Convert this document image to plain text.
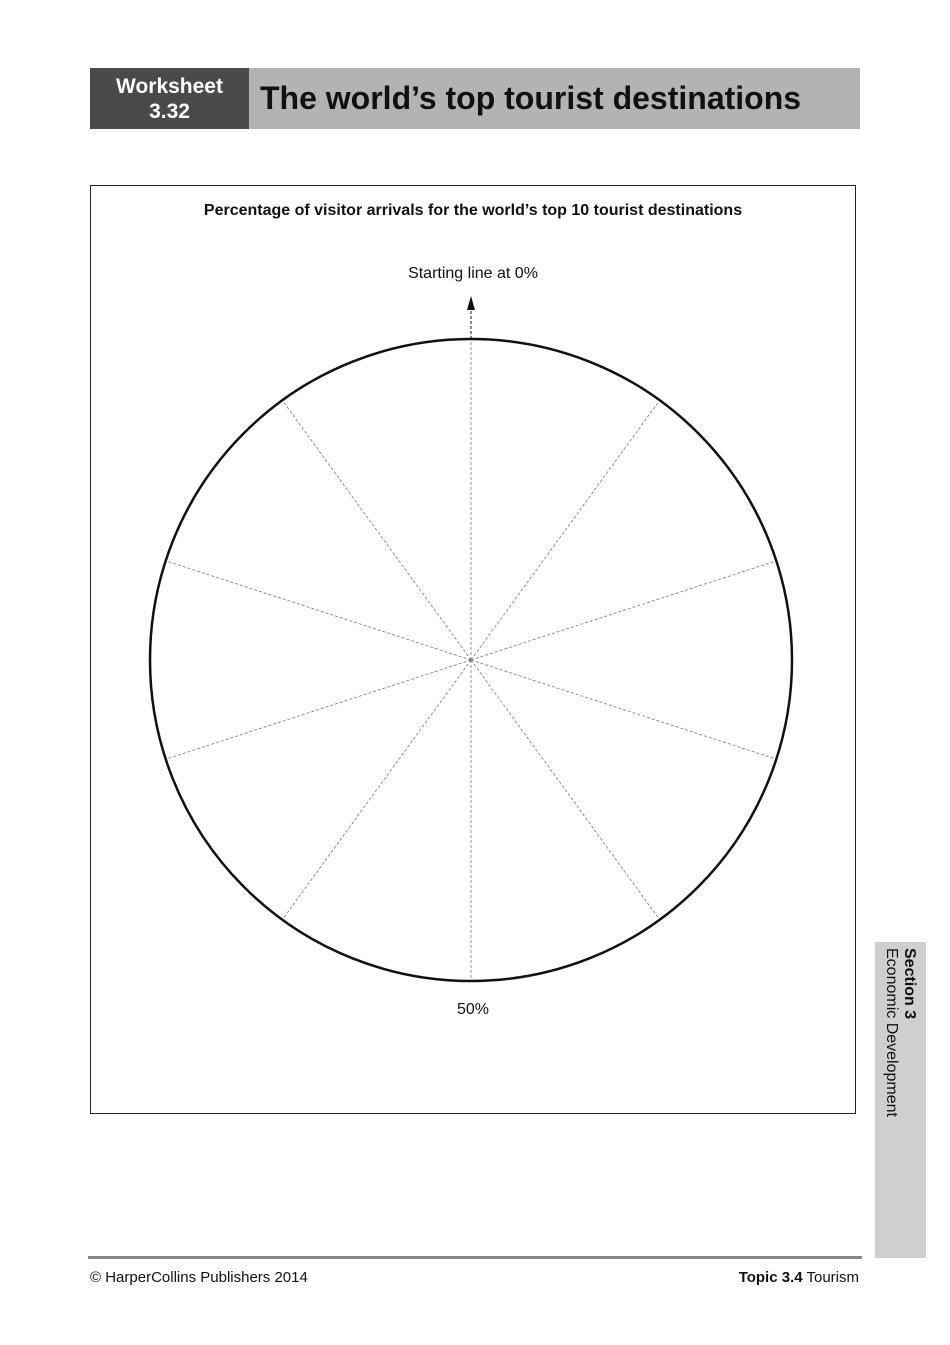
Worksheet
3.32	The world’s top tourist destinations
Percentage of visitor arrivals for the world’s top 10 tourist destinations
Starting line at 0%
50%	Section 3
Economic Development
© HarperCollins Publishers 2014	Topic 3.4 Tourism
